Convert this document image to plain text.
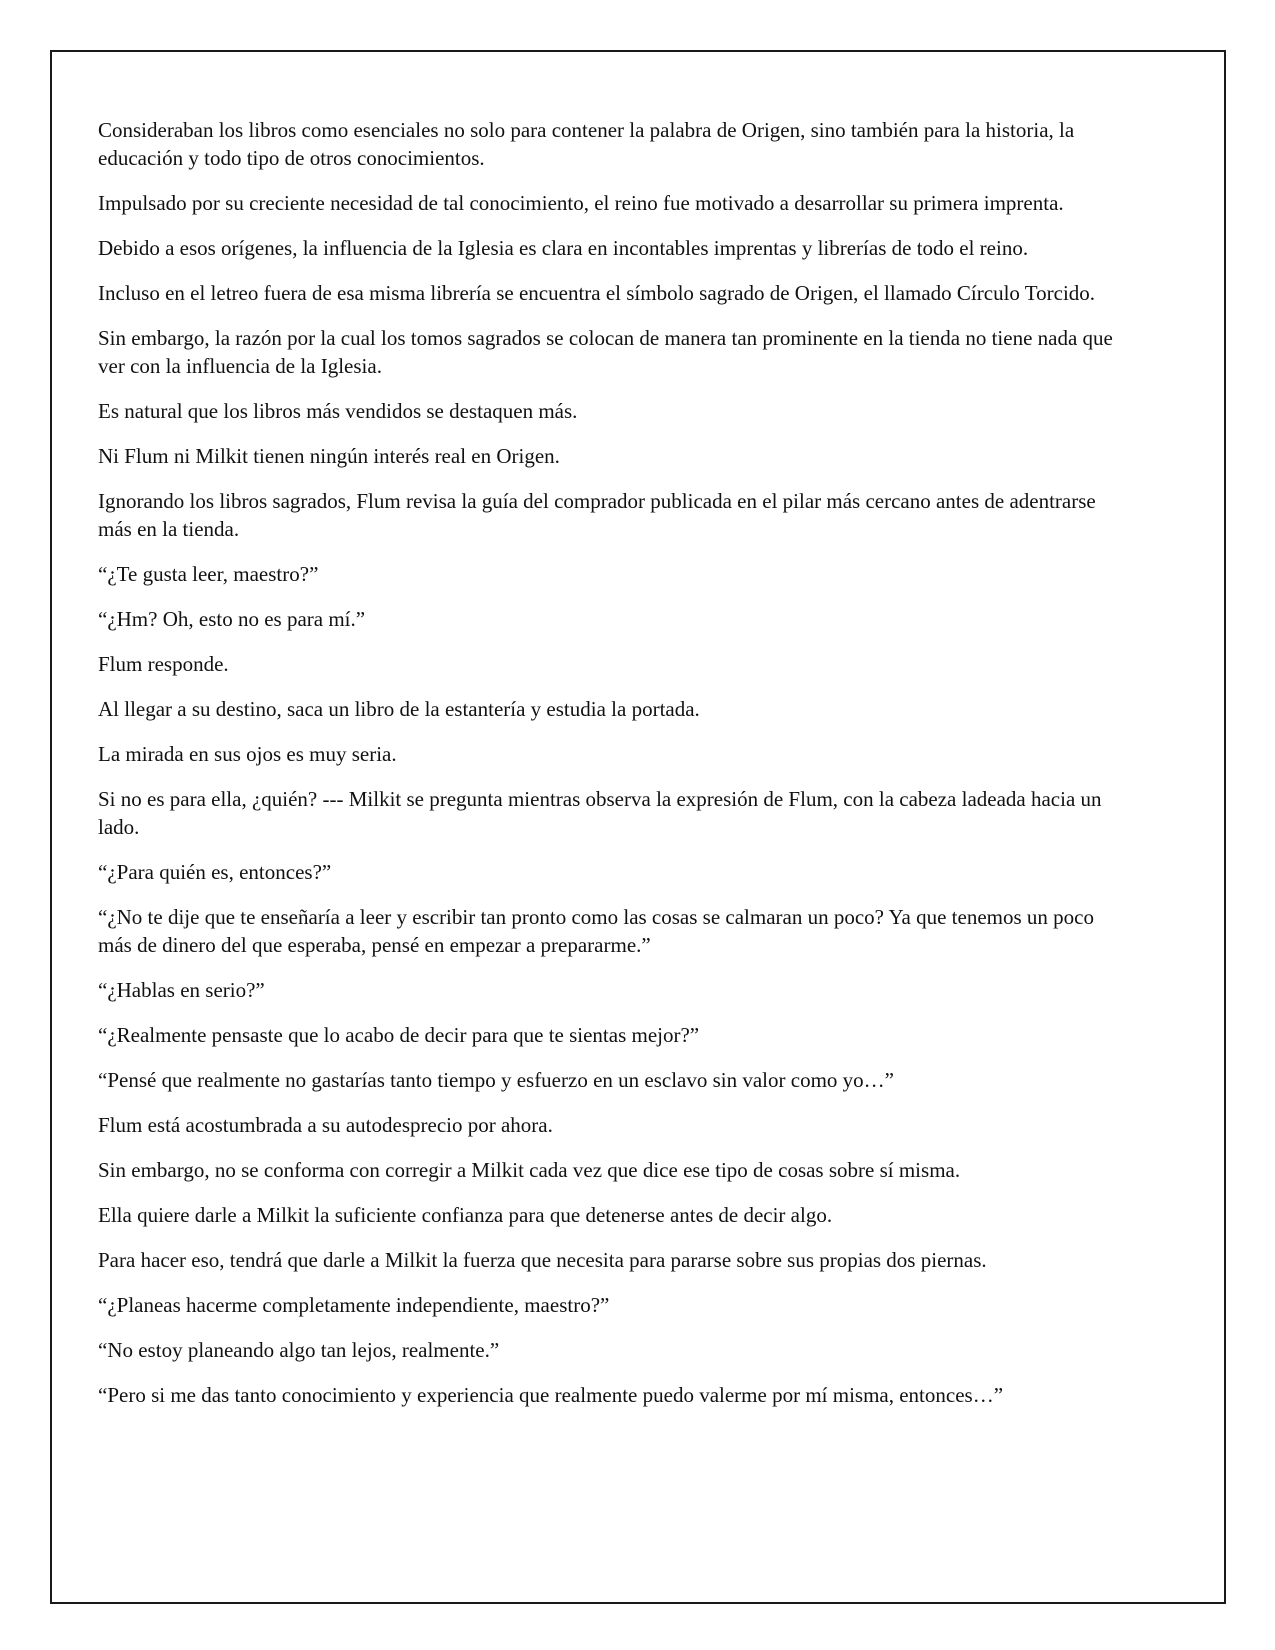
Consideraban los libros como esenciales no solo para contener la palabra de Origen, sino también para la historia, la educación y todo tipo de otros conocimientos.

Impulsado por su creciente necesidad de tal conocimiento, el reino fue motivado a desarrollar su primera imprenta.

Debido a esos orígenes, la influencia de la Iglesia es clara en incontables imprentas y librerías de todo el reino.

Incluso en el letreo fuera de esa misma librería se encuentra el símbolo sagrado de Origen, el llamado Círculo Torcido.

Sin embargo, la razón por la cual los tomos sagrados se colocan de manera tan prominente en la tienda no tiene nada que ver con la influencia de la Iglesia.

Es natural que los libros más vendidos se destaquen más.

Ni Flum ni Milkit tienen ningún interés real en Origen.

Ignorando los libros sagrados, Flum revisa la guía del comprador publicada en el pilar más cercano antes de adentrarse más en la tienda.

“¿Te gusta leer, maestro?”

“¿Hm? Oh, esto no es para mí.”

Flum responde.

Al llegar a su destino, saca un libro de la estantería y estudia la portada.

La mirada en sus ojos es muy seria.

Si no es para ella, ¿quién? --- Milkit se pregunta mientras observa la expresión de Flum, con la cabeza ladeada hacia un lado.

“¿Para quién es, entonces?”

“¿No te dije que te enseñaría a leer y escribir tan pronto como las cosas se calmaran un poco? Ya que tenemos un poco más de dinero del que esperaba, pensé en empezar a prepararme.”

“¿Hablas en serio?”

“¿Realmente pensaste que lo acabo de decir para que te sientas mejor?”

“Pensé que realmente no gastarías tanto tiempo y esfuerzo en un esclavo sin valor como yo…”

Flum está acostumbrada a su autodesprecio por ahora.

Sin embargo, no se conforma con corregir a Milkit cada vez que dice ese tipo de cosas sobre sí misma.

Ella quiere darle a Milkit la suficiente confianza para que detenerse antes de decir algo.

Para hacer eso, tendrá que darle a Milkit la fuerza que necesita para pararse sobre sus propias dos piernas.

“¿Planeas hacerme completamente independiente, maestro?”

“No estoy planeando algo tan lejos, realmente.”

“Pero si me das tanto conocimiento y experiencia que realmente puedo valerme por mí misma, entonces…”
